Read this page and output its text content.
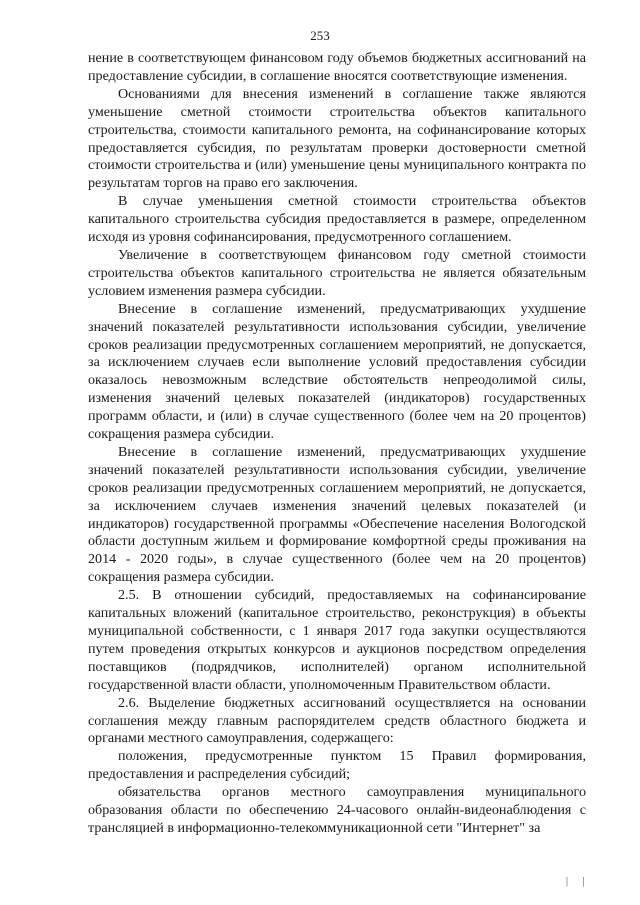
253

нение в соответствующем финансовом году объемов бюджетных ассигнований на предоставление субсидии, в соглашение вносятся соответствующие изменения.

Основаниями для внесения изменений в соглашение также являются уменьшение сметной стоимости строительства объектов капитального строительства, стоимости капитального ремонта, на софинансирование которых предоставляется субсидия, по результатам проверки достоверности сметной стоимости строительства и (или) уменьшение цены муниципального контракта по результатам торгов на право его заключения.

В случае уменьшения сметной стоимости строительства объектов капитального строительства субсидия предоставляется в размере, определенном исходя из уровня софинансирования, предусмотренного соглашением.

Увеличение в соответствующем финансовом году сметной стоимости строительства объектов капитального строительства не является обязательным условием изменения размера субсидии.

Внесение в соглашение изменений, предусматривающих ухудшение значений показателей результативности использования субсидии, увеличение сроков реализации предусмотренных соглашением мероприятий, не допускается, за исключением случаев если выполнение условий предоставления субсидии оказалось невозможным вследствие обстоятельств непреодолимой силы, изменения значений целевых показателей (индикаторов) государственных программ области, и (или) в случае существенного (более чем на 20 процентов) сокращения размера субсидии.

Внесение в соглашение изменений, предусматривающих ухудшение значений показателей результативности использования субсидии, увеличение сроков реализации предусмотренных соглашением мероприятий, не допускается, за исключением случаев изменения значений целевых показателей (и индикаторов) государственной программы «Обеспечение населения Вологодской области доступным жильем и формирование комфортной среды проживания на 2014 - 2020 годы», в случае существенного (более чем на 20 процентов) сокращения размера субсидии.

2.5. В отношении субсидий, предоставляемых на софинансирование капитальных вложений (капитальное строительство, реконструкция) в объекты муниципальной собственности, с 1 января 2017 года закупки осуществляются путем проведения открытых конкурсов и аукционов посредством определения поставщиков (подрядчиков, исполнителей) органом исполнительной государственной власти области, уполномоченным Правительством области.

2.6. Выделение бюджетных ассигнований осуществляется на основании соглашения между главным распорядителем средств областного бюджета и органами местного самоуправления, содержащего:

положения, предусмотренные пунктом 15 Правил формирования, предоставления и распределения субсидий;

обязательства органов местного самоуправления муниципального образования области по обеспечению 24-часового онлайн-видеонаблюдения с трансляцией в информационно-телекоммуникационной сети "Интернет" за

| |
